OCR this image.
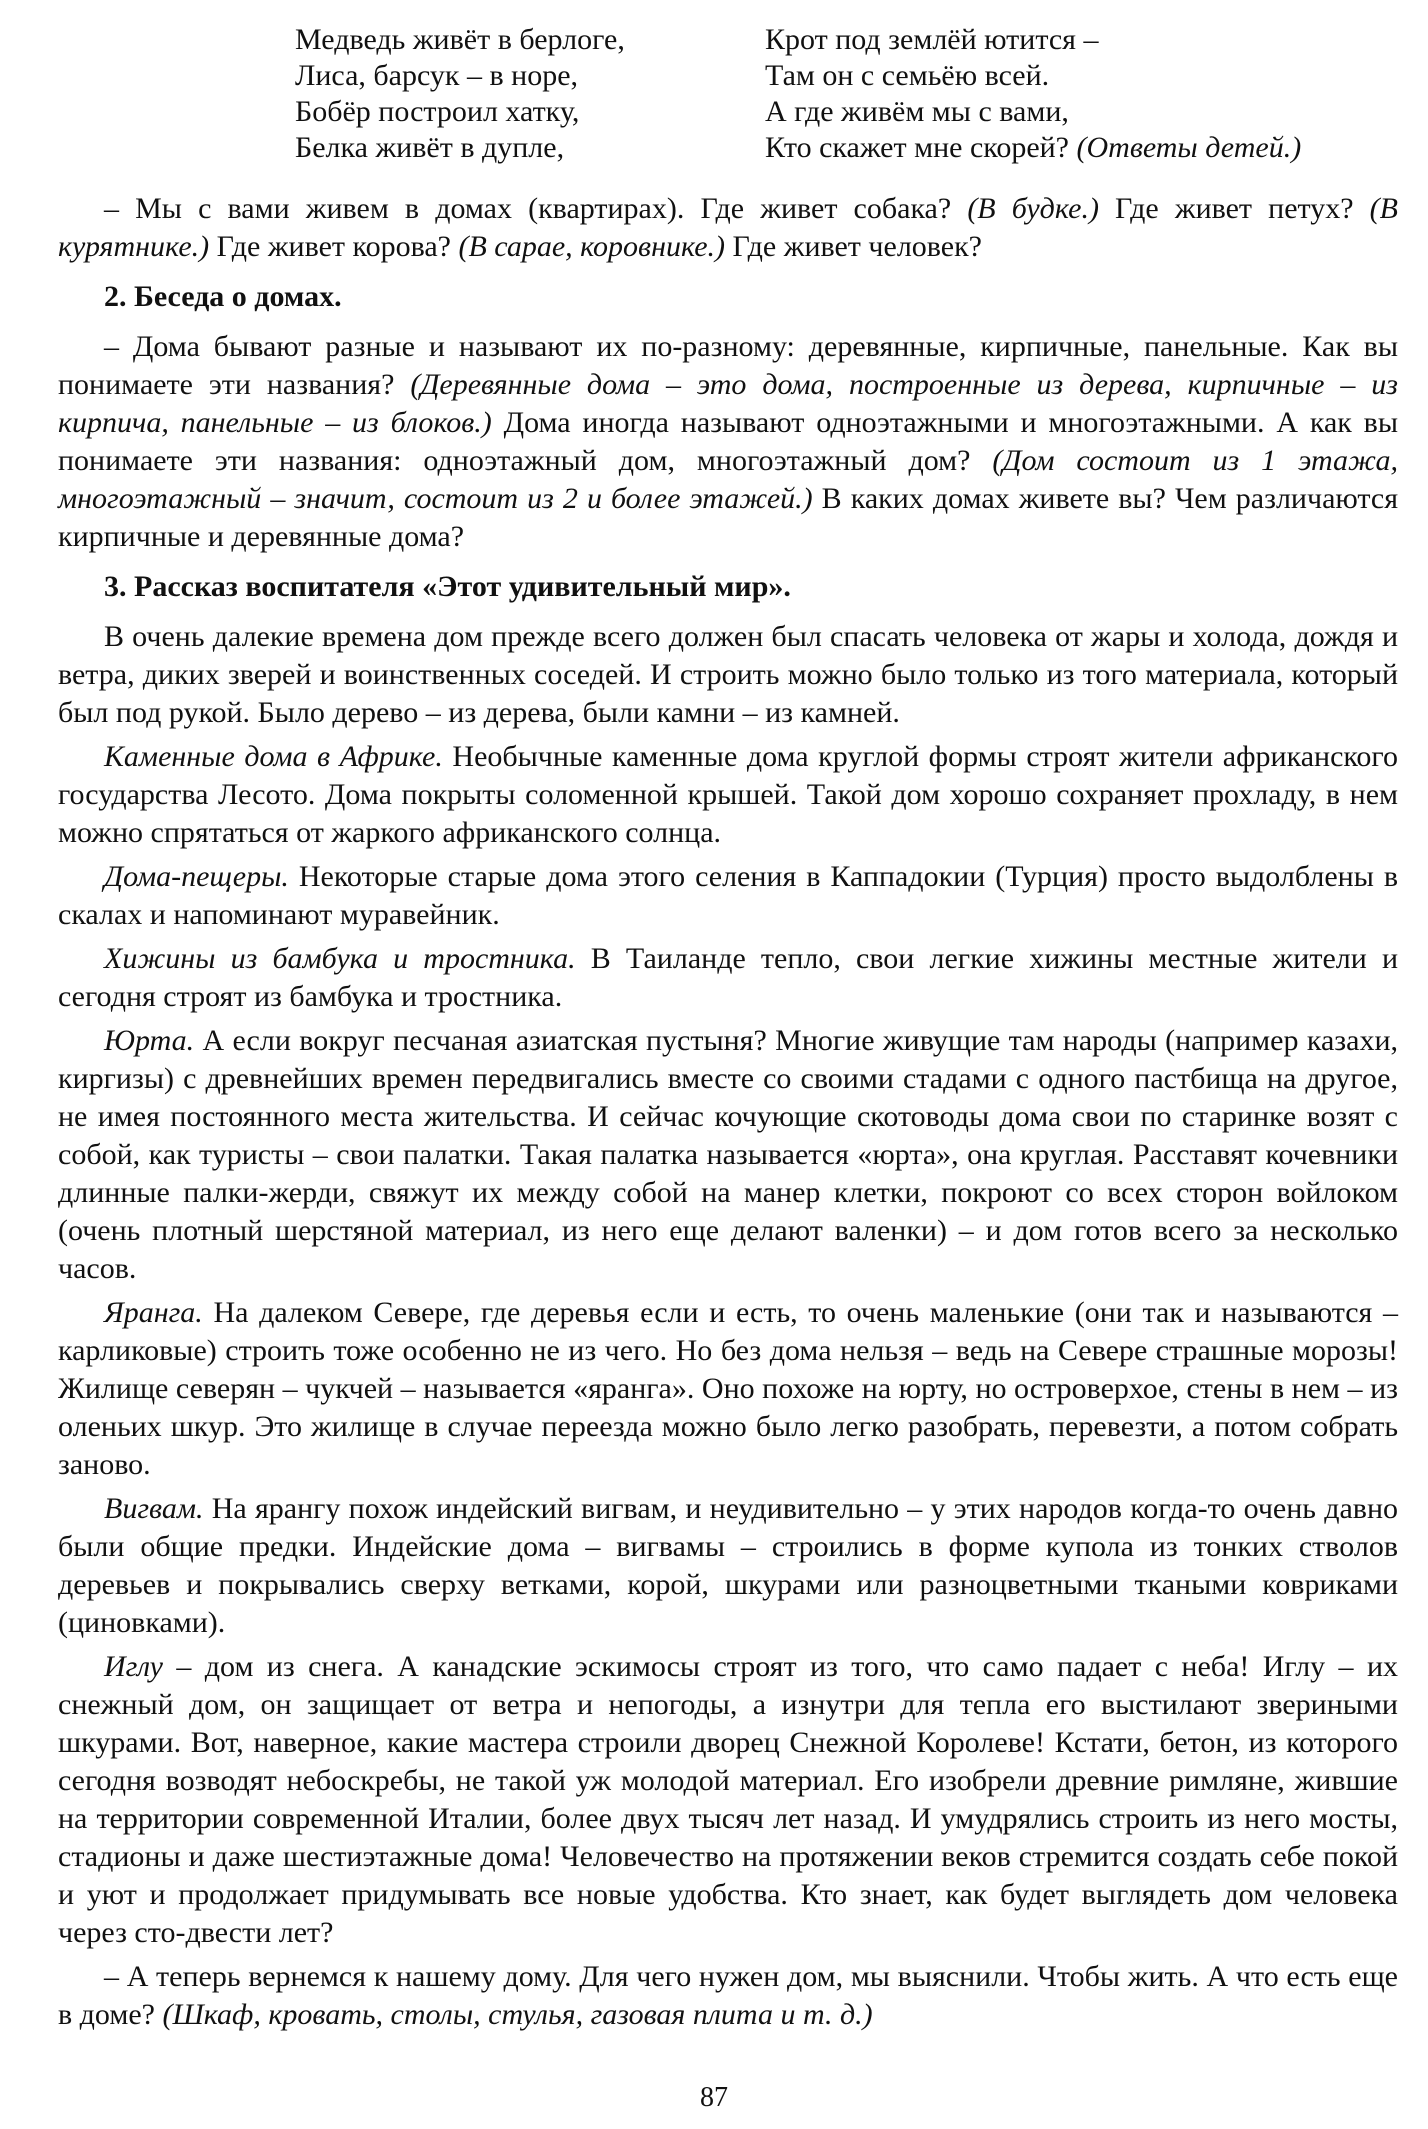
Медведь живёт в берлоге,
Лиса, барсук – в норе,
Бобёр построил хатку,
Белка живёт в дупле,
Крот под землёй ютится –
Там он с семьёю всей.
А где живём мы с вами,
Кто скажет мне скорей? (Ответы детей.)

– Мы с вами живем в домах (квартирах). Где живет собака? (В будке.) Где живет петух? (В курятнике.) Где живет корова? (В сарае, коровнике.) Где живет человек?

2. Беседа о домах.

– Дома бывают разные и называют их по-разному: деревянные, кирпичные, панельные. Как вы понимаете эти названия? (Деревянные дома – это дома, построенные из дерева, кирпичные – из кирпича, панельные – из блоков.) Дома иногда называют одноэтажными и многоэтажными. А как вы понимаете эти названия: одноэтажный дом, многоэтажный дом? (Дом состоит из 1 этажа, многоэтажный – значит, состоит из 2 и более этажей.) В каких домах живете вы? Чем различаются кирпичные и деревянные дома?

3. Рассказ воспитателя «Этот удивительный мир».

В очень далекие времена дом прежде всего должен был спасать человека от жары и холода, дождя и ветра, диких зверей и воинственных соседей. И строить можно было только из того материала, который был под рукой. Было дерево – из дерева, были камни – из камней.

Каменные дома в Африке. Необычные каменные дома круглой формы строят жители африканского государства Лесото. Дома покрыты соломенной крышей. Такой дом хорошо сохраняет прохладу, в нем можно спрятаться от жаркого африканского солнца.

Дома-пещеры. Некоторые старые дома этого селения в Каппадокии (Турция) просто выдолблены в скалах и напоминают муравейник.

Хижины из бамбука и тростника. В Таиланде тепло, свои легкие хижины местные жители и сегодня строят из бамбука и тростника.

Юрта. А если вокруг песчаная азиатская пустыня? Многие живущие там народы (например казахи, киргизы) с древнейших времен передвигались вместе со своими стадами с одного пастбища на другое, не имея постоянного места жительства. И сейчас кочующие скотоводы дома свои по старинке возят с собой, как туристы – свои палатки. Такая палатка называется «юрта», она круглая. Расставят кочевники длинные палки-жерди, свяжут их между собой на манер клетки, покроют со всех сторон войлоком (очень плотный шерстяной материал, из него еще делают валенки) – и дом готов всего за несколько часов.

Яранга. На далеком Севере, где деревья если и есть, то очень маленькие (они так и называются – карликовые) строить тоже особенно не из чего. Но без дома нельзя – ведь на Севере страшные морозы! Жилище северян – чукчей – называется «яранга». Оно похоже на юрту, но островерхое, стены в нем – из оленьих шкур. Это жилище в случае переезда можно было легко разобрать, перевезти, а потом собрать заново.

Вигвам. На ярангу похож индейский вигвам, и неудивительно – у этих народов когда-то очень давно были общие предки. Индейские дома – вигвамы – строились в форме купола из тонких стволов деревьев и покрывались сверху ветками, корой, шкурами или разноцветными ткаными ковриками (циновками).

Иглу – дом из снега. А канадские эскимосы строят из того, что само падает с неба! Иглу – их снежный дом, он защищает от ветра и непогоды, а изнутри для тепла его выстилают звериными шкурами. Вот, наверное, какие мастера строили дворец Снежной Королеве! Кстати, бетон, из которого сегодня возводят небоскребы, не такой уж молодой материал. Его изобрели древние римляне, жившие на территории современной Италии, более двух тысяч лет назад. И умудрялись строить из него мосты, стадионы и даже шестиэтажные дома! Человечество на протяжении веков стремится создать себе покой и уют и продолжает придумывать все новые удобства. Кто знает, как будет выглядеть дом человека через сто-двести лет?

– А теперь вернемся к нашему дому. Для чего нужен дом, мы выяснили. Чтобы жить. А что есть еще в доме? (Шкаф, кровать, столы, стулья, газовая плита и т. д.)

87
